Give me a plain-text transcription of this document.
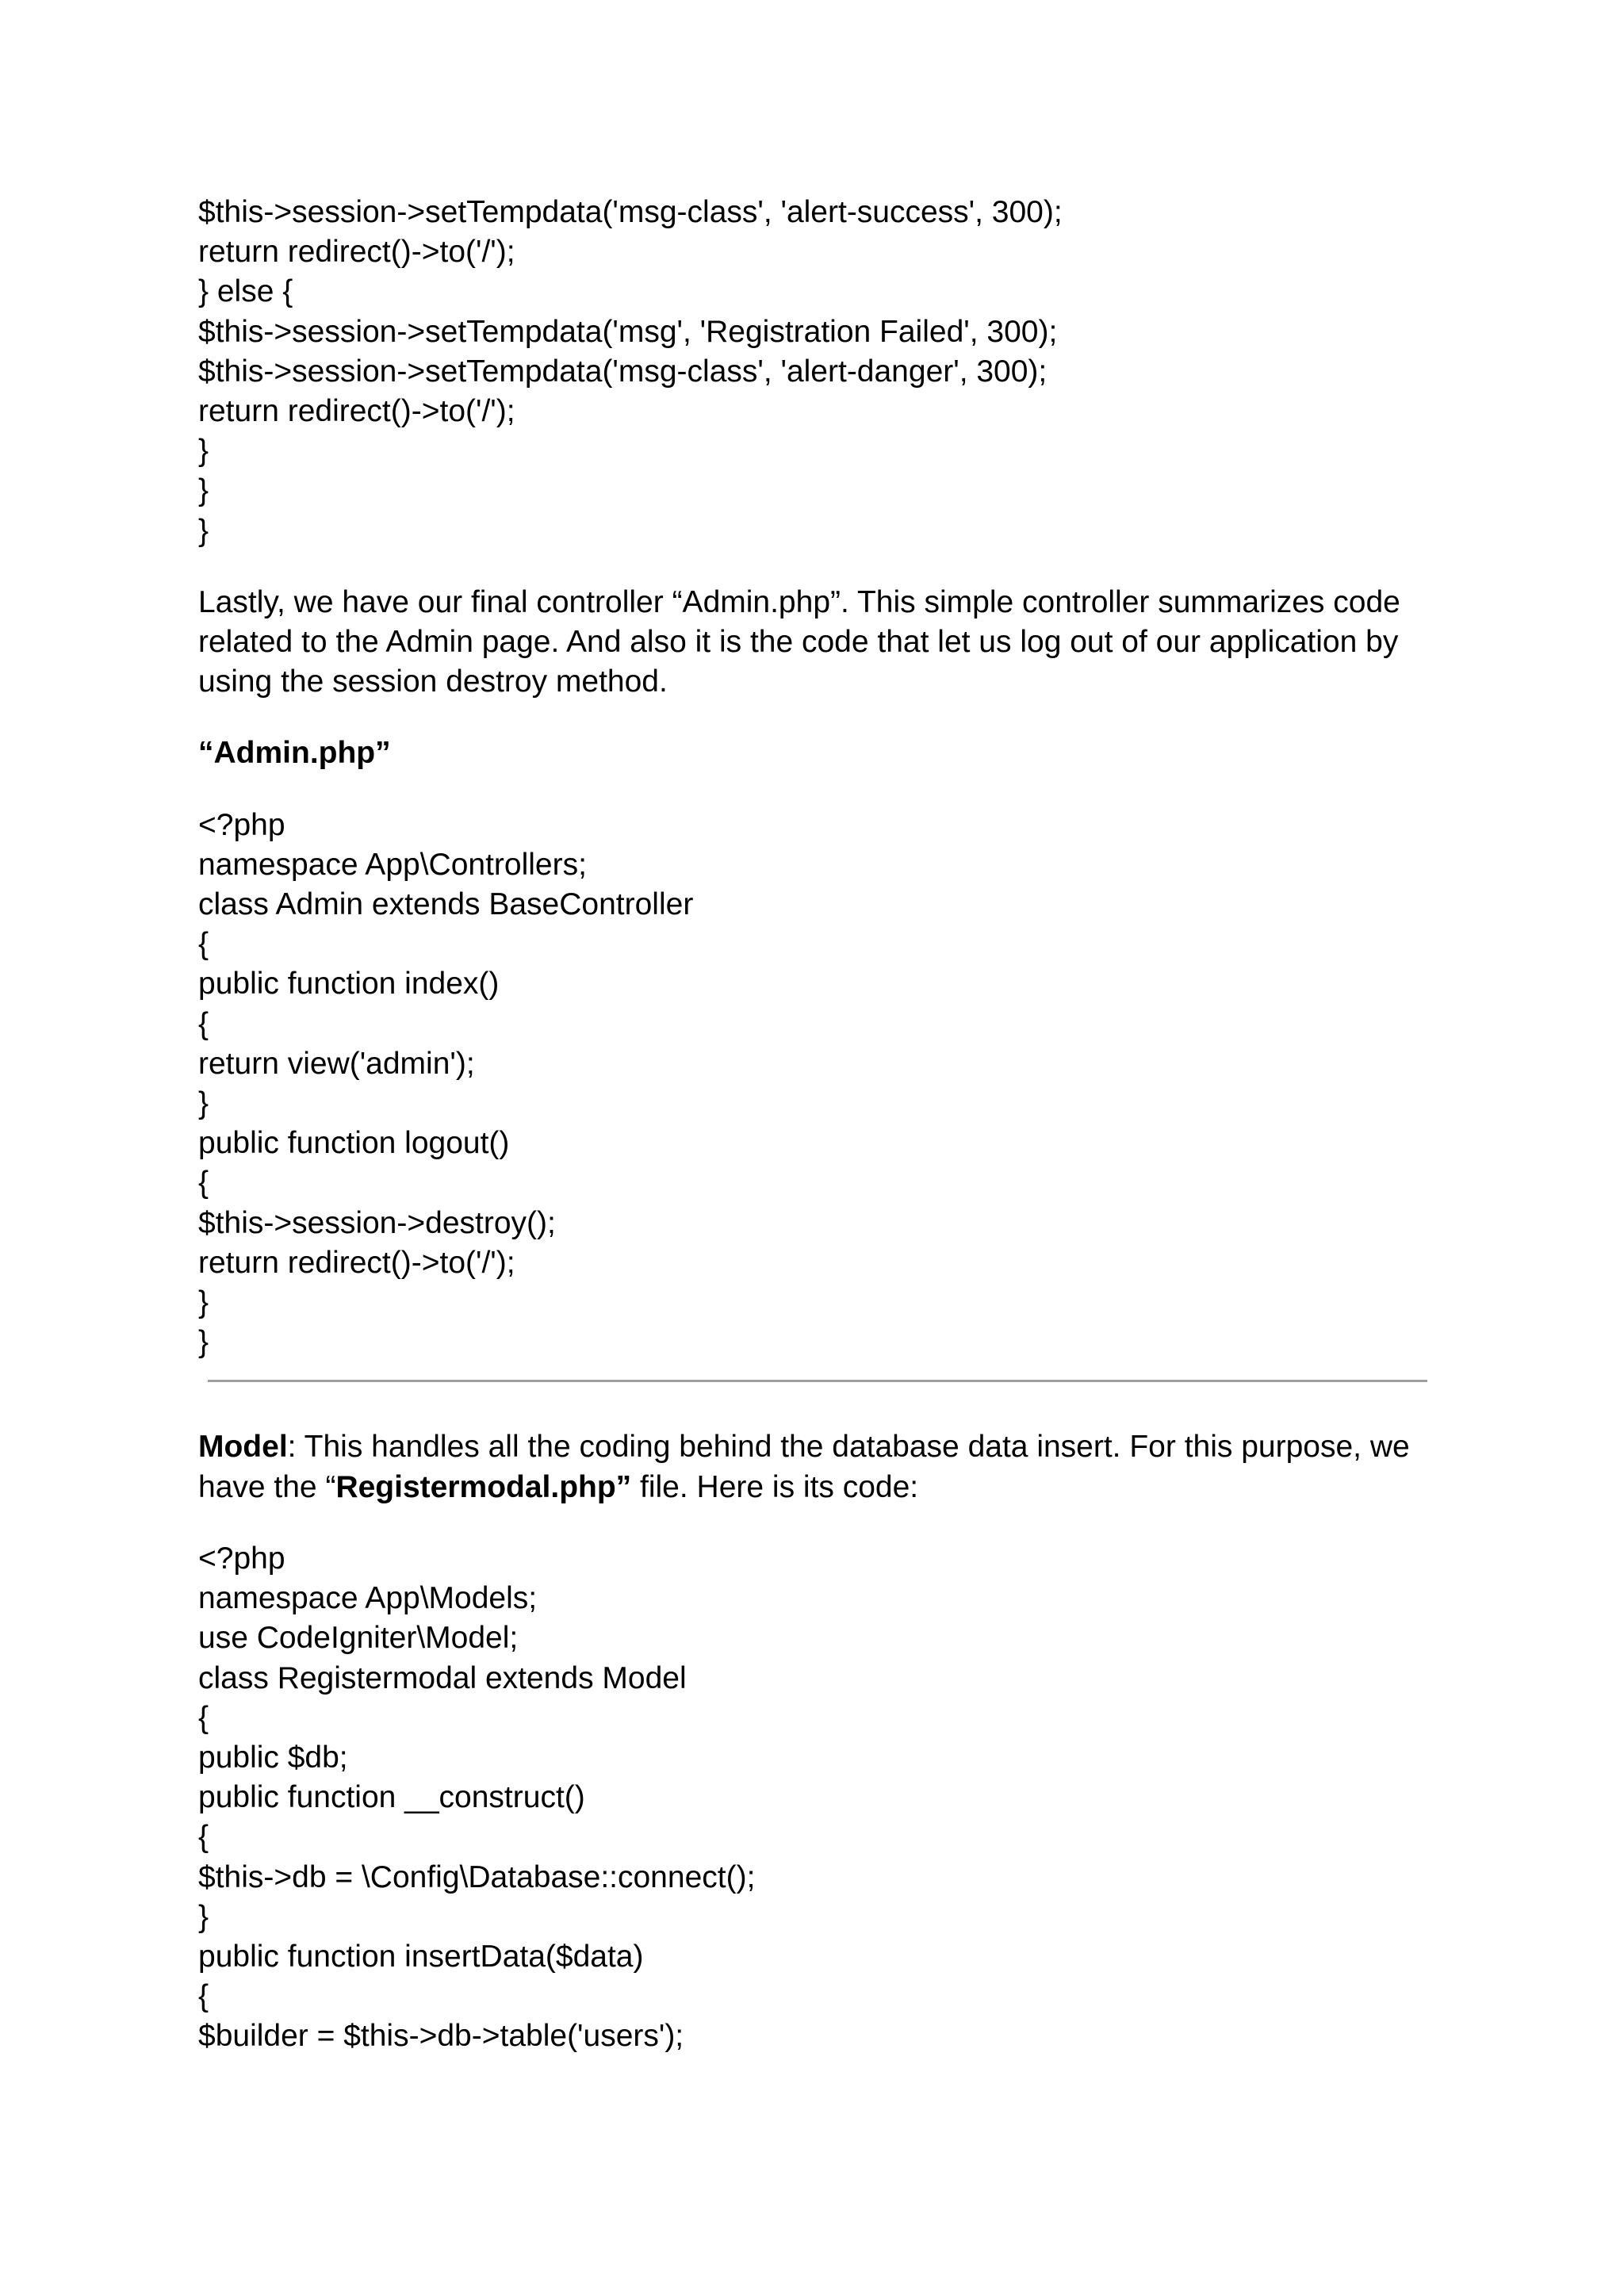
$this->session->setTempdata('msg-class', 'alert-success', 300);

return redirect()->to('/');

} else {

$this->session->setTempdata('msg', 'Registration Failed', 300);

$this->session->setTempdata('msg-class', 'alert-danger', 300);

return redirect()->to('/');

}

}

}

Lastly, we have our final controller “Admin.php”. This simple controller summarizes code

related to the Admin page. And also it is the code that let us log out of our application by

using the session destroy method.

“Admin.php”

<?php

namespace App\Controllers;

class Admin extends BaseController

{

public function index()

{

return view('admin');

}

public function logout()

{

$this->session->destroy();

return redirect()->to('/');

}

}

Model: This handles all the coding behind the database data insert. For this purpose, we

have the “Registermodal.php” file. Here is its code:

<?php

namespace App\Models;

use CodeIgniter\Model;

class Registermodal extends Model

{

public $db;

public function __construct()

{

$this->db = \Config\Database::connect();

}

public function insertData($data)

{

$builder = $this->db->table('users');
